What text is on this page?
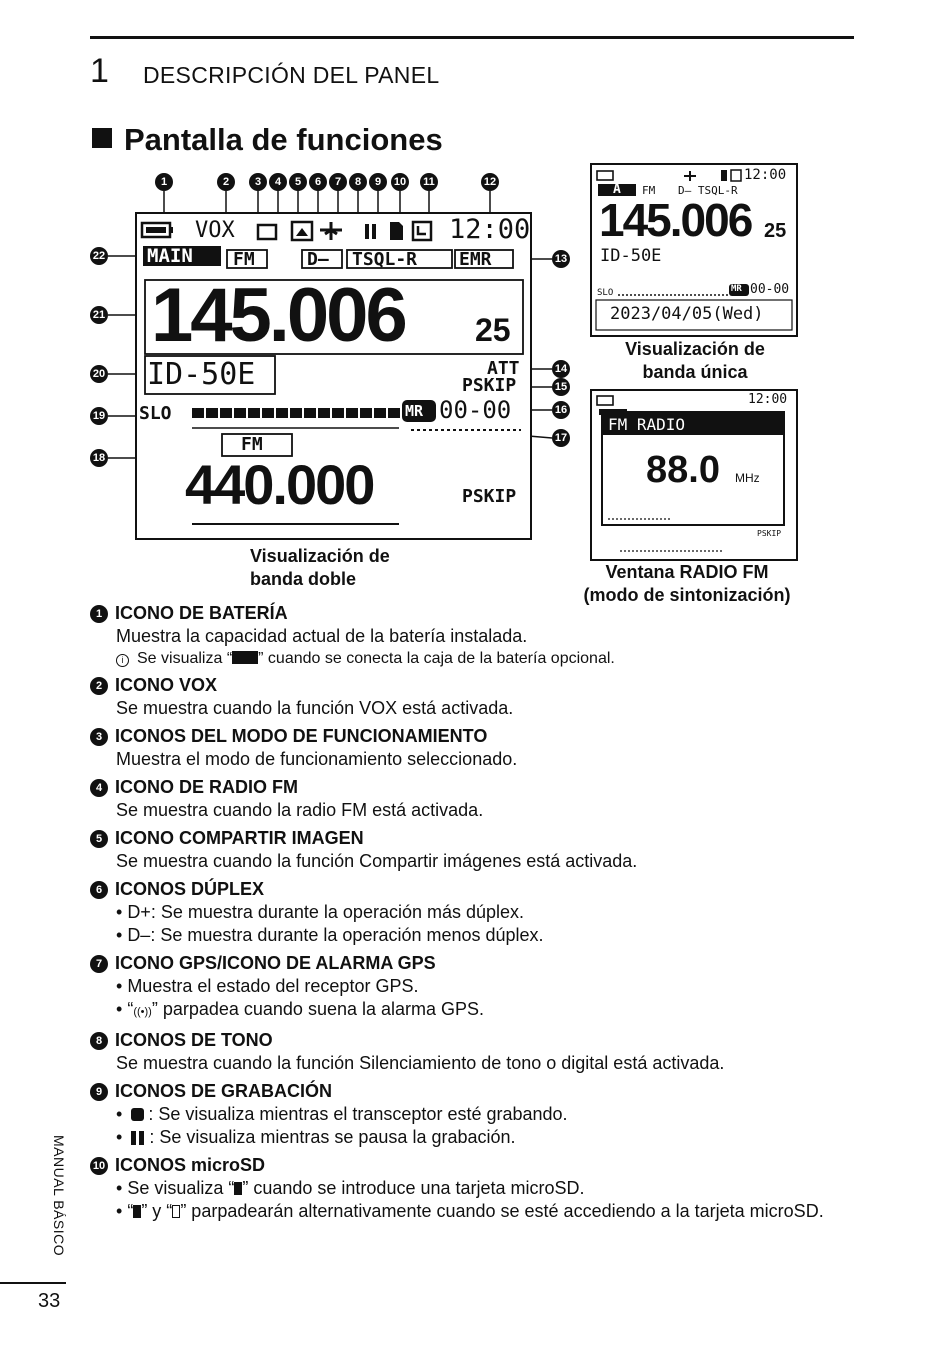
1 DESCRIPCIÓN DEL PANEL
Pantalla de funciones
1	2	3	4	5	6	7	8	9	10 11	12
13
14
15
16
17
18
19
20
21
22
VOX	12:00
MAIN FM	D– TSQL-R EMR
145.006 25
ID-50E	ATT
PSKIP
SLO	MR 00-00
FM
440.000	PSKIP
Visualización de
banda doble
12:00
A FM D– TSQL-R
145.006 25
ID-50E
SLO	MR 00-00
2023/04/05(Wed)
Visualización de
banda única
12:00
FM RADIO
88.0 MHz
PSKIP
Ventana RADIO FM
(modo de sintonización)
1 ICONO DE BATERÍA
Muestra la capacidad actual de la batería instalada.
i Se visualiza “ ” cuando se conecta la caja de la batería opcional.
2 ICONO VOX
Se muestra cuando la función VOX está activada.
3 ICONOS DEL MODO DE FUNCIONAMIENTO
Muestra el modo de funcionamiento seleccionado.
4 ICONO DE RADIO FM
Se muestra cuando la radio FM está activada.
5 ICONO COMPARTIR IMAGEN
Se muestra cuando la función Compartir imágenes está activada.
6 ICONOS DÚPLEX
• D+: Se muestra durante la operación más dúplex.
• D–: Se muestra durante la operación menos dúplex.
7 ICONO GPS/ICONO DE ALARMA GPS
• Muestra el estado del receptor GPS.
• “((•))” parpadea cuando suena la alarma GPS.
8 ICONOS DE TONO
Se muestra cuando la función Silenciamiento de tono o digital está activada.
9 ICONOS DE GRABACIÓN
• : Se visualiza mientras el transceptor esté grabando.
• : Se visualiza mientras se pausa la grabación.
10 ICONOS microSD
• Se visualiza “ ” cuando se introduce una tarjeta microSD.
• “ ” y “ ” parpadearán alternativamente cuando se esté accediendo a la tarjeta microSD.
MANUAL BÁSICO
33
